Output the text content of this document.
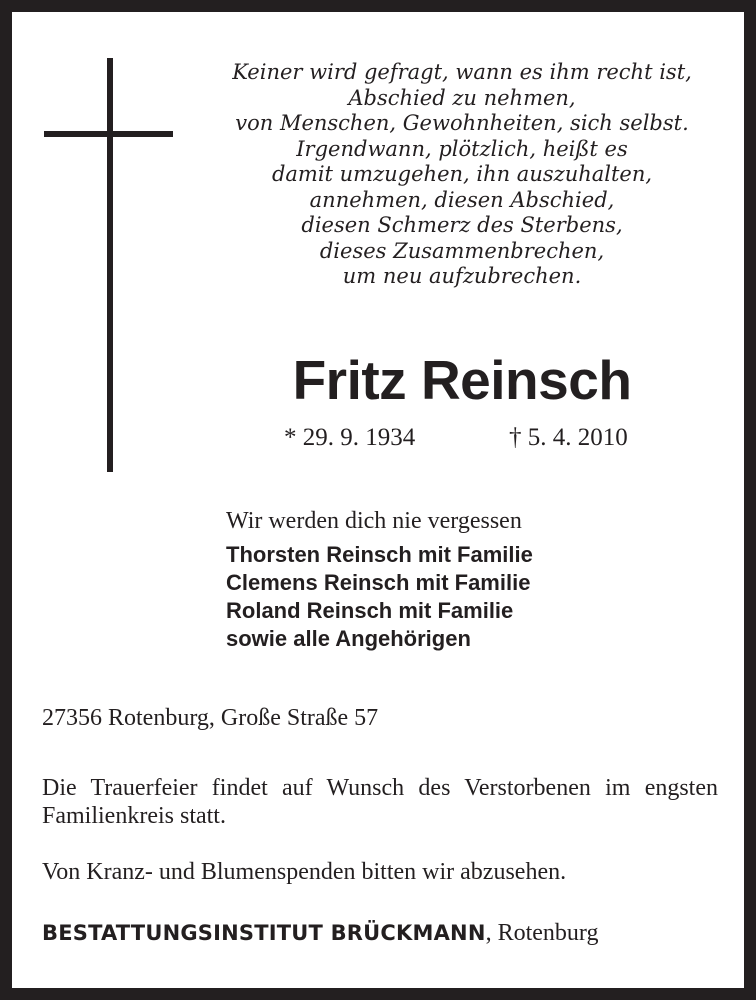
Keiner wird gefragt, wann es ihm recht ist,
Abschied zu nehmen,
von Menschen, Gewohnheiten, sich selbst.
Irgendwann, plötzlich, heißt es
damit umzugehen, ihn auszuhalten,
annehmen, diesen Abschied,
diesen Schmerz des Sterbens,
dieses Zusammenbrechen,
um neu aufzubrechen.
Fritz Reinsch
* 29. 9. 1934	† 5. 4. 2010
Wir werden dich nie vergessen
Thorsten Reinsch mit Familie
Clemens Reinsch mit Familie
Roland Reinsch mit Familie
sowie alle Angehörigen
27356 Rotenburg, Große Straße 57
Die Trauerfeier findet auf Wunsch des Verstorbenen im engsten Familienkreis statt.
Von Kranz- und Blumenspenden bitten wir abzusehen.
BESTATTUNGSINSTITUT BRÜCKMANN, Rotenburg
